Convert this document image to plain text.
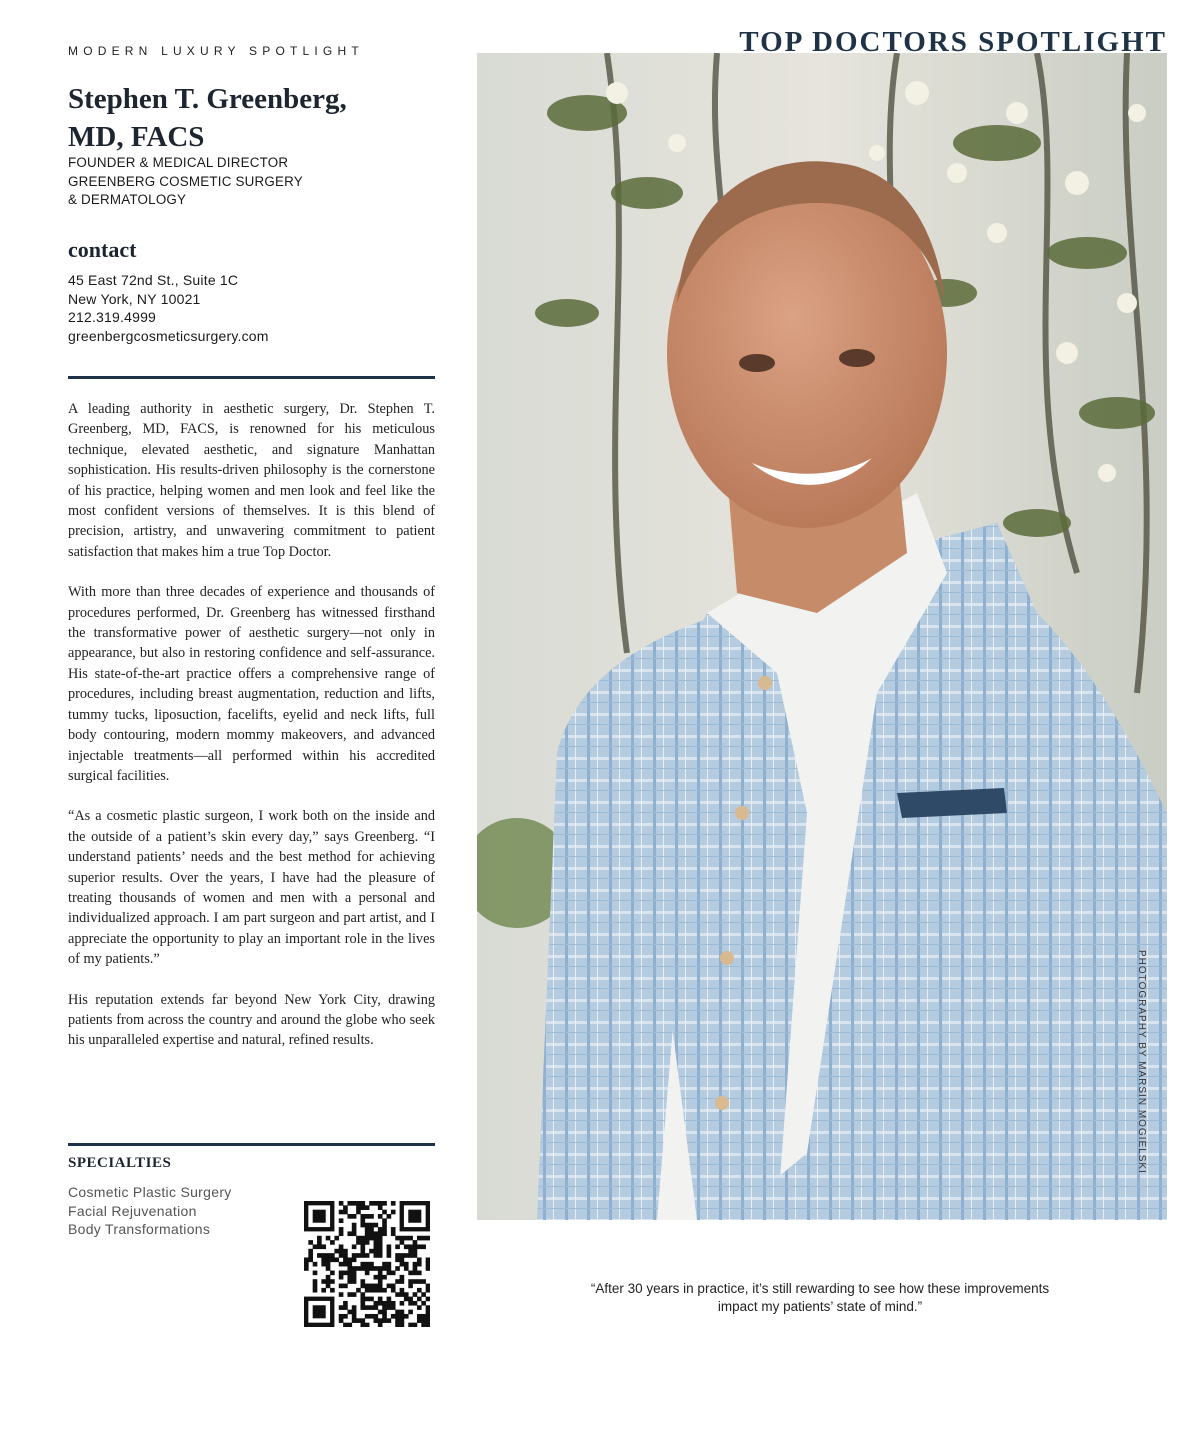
MODERN LUXURY SPOTLIGHT	TOP DOCTORS SPOTLIGHT
Stephen T. Greenberg,
MD, FACS
FOUNDER & MEDICAL DIRECTOR
GREENBERG COSMETIC SURGERY
& DERMATOLOGY
contact
45 East 72nd St., Suite 1C
New York, NY 10021
212.319.4999
greenbergcosmeticsurgery.com

A leading authority in aesthetic surgery, Dr. Stephen T. Greenberg, MD, FACS, is renowned for his meticulous technique, elevated aesthetic, and signature Manhattan sophistication. His results-driven philosophy is the cornerstone of his practice, helping women and men look and feel like the most confident versions of themselves. It is this blend of precision, artistry, and unwavering commitment to patient satisfaction that makes him a true Top Doctor.

With more than three decades of experience and thousands of procedures performed, Dr. Greenberg has witnessed firsthand the transformative power of aesthetic surgery—not only in appearance, but also in restoring confidence and self-assurance. His state-of-the-art practice offers a comprehensive range of procedures, including breast augmentation, reduction and lifts, tummy tucks, liposuction, facelifts, eyelid and neck lifts, full body contouring, modern mommy makeovers, and advanced injectable treatments—all performed within his accredited surgical facilities.

“As a cosmetic plastic surgeon, I work both on the inside and the outside of a patient’s skin every day,” says Greenberg. “I understand patients’ needs and the best method for achieving superior results. Over the years, I have had the pleasure of treating thousands of women and men with a personal and individualized approach. I am part surgeon and part artist, and I appreciate the opportunity to play an important role in the lives of my patients.”

His reputation extends far beyond New York City, drawing patients from across the country and around the globe who seek his unparalleled expertise and natural, refined results.

SPECIALTIES
Cosmetic Plastic Surgery
Facial Rejuvenation
Body Transformations
PHOTOGRAPHY BY MARSIN MOGIELSKI
“After 30 years in practice, it’s still rewarding to see how these improvements impact my patients’ state of mind.”
